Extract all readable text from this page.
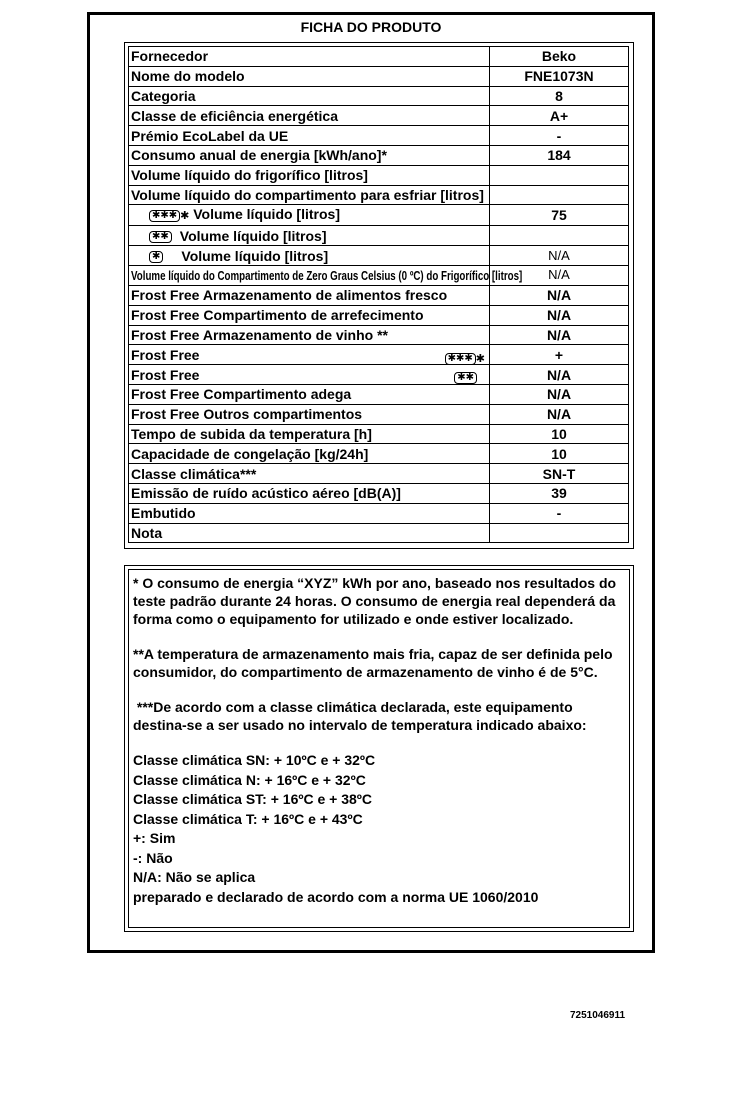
FICHA DO PRODUTO
Fornecedor	Beko
Nome do modelo	FNE1073N
Categoria	8
Classe de eficiência energética	A+
Prémio EcoLabel da UE	-
Consumo anual de energia [kWh/ano]*	184
Volume líquido do frigorífico [litros]	
Volume líquido do compartimento para esfriar [litros]	
✱✱✱ ✱ Volume líquido [litros]	75
✱✱ Volume líquido [litros]	
✱ Volume líquido [litros]	N/A
Volume líquido do Compartimento de Zero Graus Celsius (0 ºC) do Frigorífico [litros]	N/A
Frost Free Armazenamento de alimentos fresco	N/A
Frost Free Compartimento de arrefecimento	N/A
Frost Free Armazenamento de vinho **	N/A
Frost Free ✱✱✱ ✱	+
Frost Free ✱✱	N/A
Frost Free Compartimento adega	N/A
Frost Free Outros compartimentos	N/A
Tempo de subida da temperatura [h]	10
Capacidade de congelação [kg/24h]	10
Classe climática***	SN-T
Emissão de ruído acústico aéreo [dB(A)]	39
Embutido	-
Nota	

* O consumo de energia “XYZ” kWh por ano, baseado nos resultados do teste padrão durante 24 horas. O consumo de energia real dependerá da forma como o equipamento for utilizado e onde estiver localizado.

**A temperatura de armazenamento mais fria, capaz de ser definida pelo consumidor, do compartimento de armazenamento de vinho é de 5°C.

***De acordo com a classe climática declarada, este equipamento destina-se a ser usado no intervalo de temperatura indicado abaixo:

Classe climática SN: + 10ºC e + 32ºC

Classe climática N: + 16ºC e + 32ºC

Classe climática ST: + 16ºC e + 38ºC

Classe climática T: + 16ºC e + 43ºC

+: Sim

-: Não

N/A: Não se aplica

preparado e declarado de acordo com a norma UE 1060/2010

7251046911
